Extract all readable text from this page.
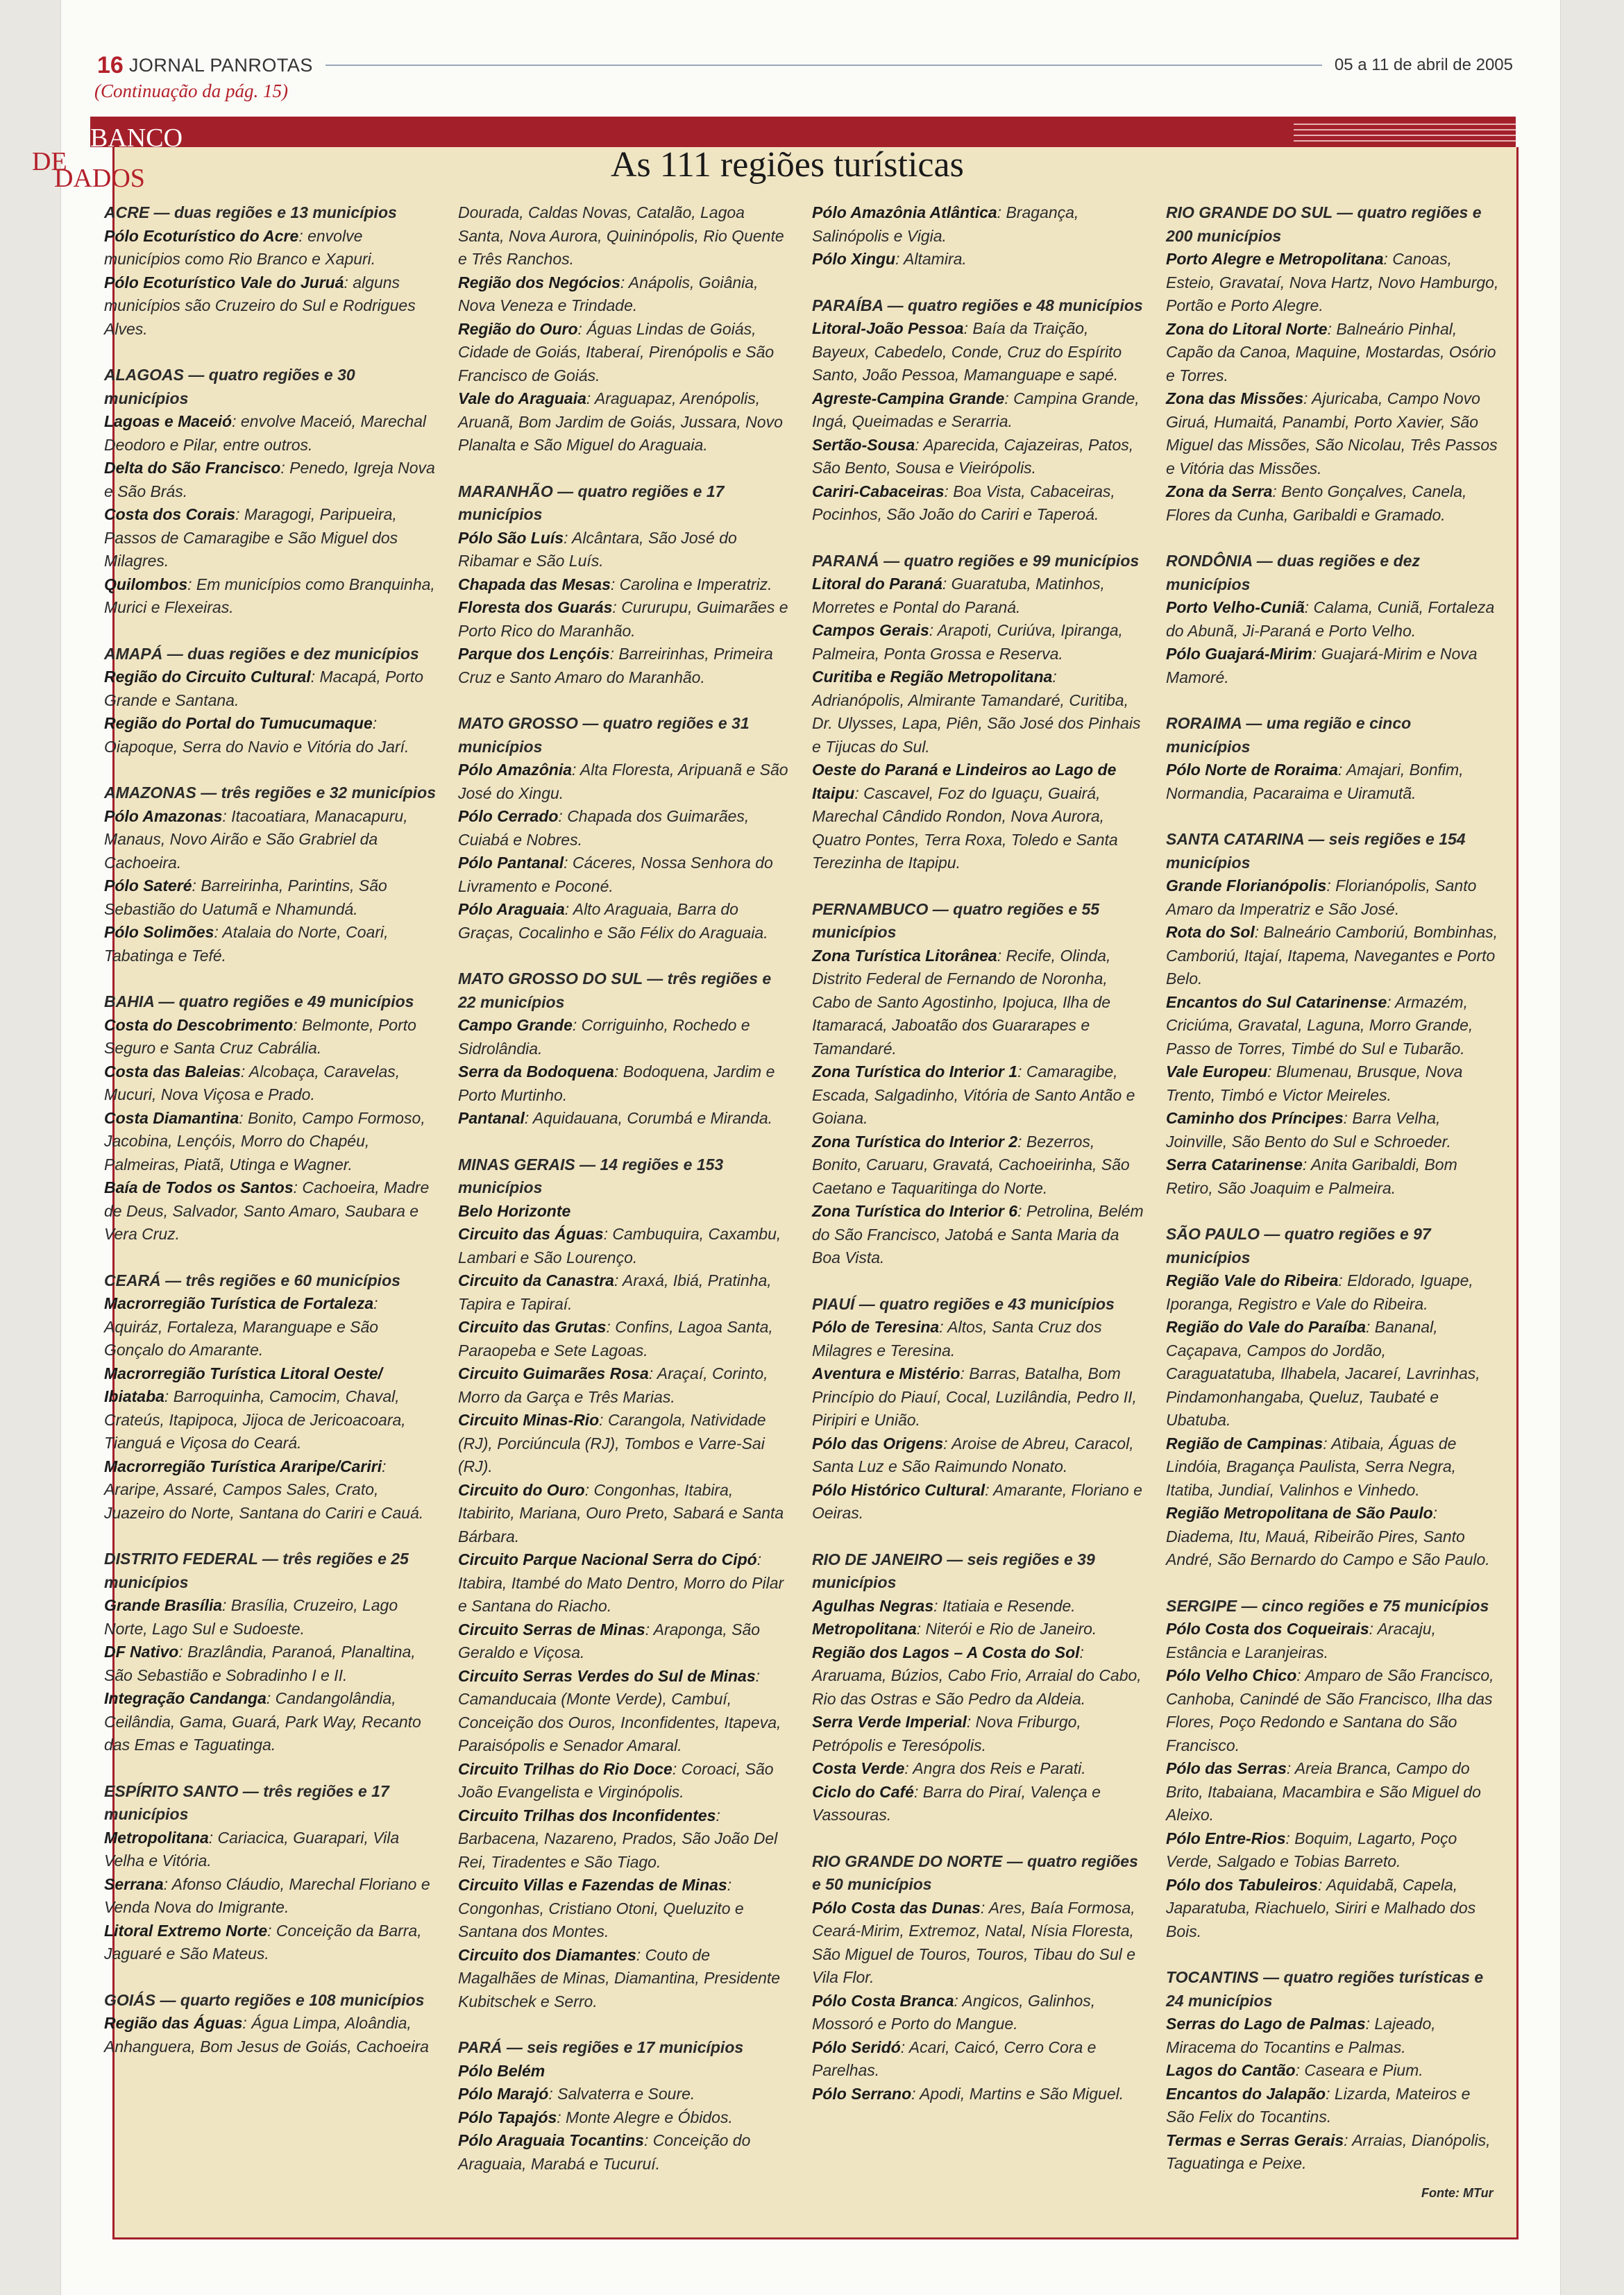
16 JORNAL PANROTAS	05 a 11 de abril de 2005
(Continuação da pág. 15)
BANCO
DE
DADOS	As 111 regiões turísticas
ACRE — duas regiões e 13 municípios
Pólo Ecoturístico do Acre: envolve municípios como Rio Branco e Xapuri.
Pólo Ecoturístico Vale do Juruá: alguns municípios são Cruzeiro do Sul e Rodrigues Alves.
ALAGOAS — quatro regiões e 30 municípios
Lagoas e Maceió: envolve Maceió, Marechal Deodoro e Pilar, entre outros.
Delta do São Francisco: Penedo, Igreja Nova e São Brás.
Costa dos Corais: Maragogi, Paripueira, Passos de Camaragibe e São Miguel dos Milagres.
Quilombos: Em municípios como Branquinha, Murici e Flexeiras.
AMAPÁ — duas regiões e dez municípios
Região do Circuito Cultural: Macapá, Porto Grande e Santana.
Região do Portal do Tumucumaque: Oiapoque, Serra do Navio e Vitória do Jarí.
AMAZONAS — três regiões e 32 municípios
Pólo Amazonas: Itacoatiara, Manacapuru, Manaus, Novo Airão e São Grabriel da Cachoeira.
Pólo Sateré: Barreirinha, Parintins, São Sebastião do Uatumã e Nhamundá.
Pólo Solimões: Atalaia do Norte, Coari, Tabatinga e Tefé.
BAHIA — quatro regiões e 49 municípios
Costa do Descobrimento: Belmonte, Porto Seguro e Santa Cruz Cabrália.
Costa das Baleias: Alcobaça, Caravelas, Mucuri, Nova Viçosa e Prado.
Costa Diamantina: Bonito, Campo Formoso, Jacobina, Lençóis, Morro do Chapéu, Palmeiras, Piatã, Utinga e Wagner.
Baía de Todos os Santos: Cachoeira, Madre de Deus, Salvador, Santo Amaro, Saubara e Vera Cruz.
CEARÁ — três regiões e 60 municípios
Macrorregião Turística de Fortaleza: Aquiráz, Fortaleza, Maranguape e São Gonçalo do Amarante.
Macrorregião Turística Litoral Oeste/ Ibiataba: Barroquinha, Camocim, Chaval, Crateús, Itapipoca, Jijoca de Jericoacoara, Tianguá e Viçosa do Ceará.
Macrorregião Turística Araripe/Cariri: Araripe, Assaré, Campos Sales, Crato, Juazeiro do Norte, Santana do Cariri e Cauá.
DISTRITO FEDERAL — três regiões e 25 municípios
Grande Brasília: Brasília, Cruzeiro, Lago Norte, Lago Sul e Sudoeste.
DF Nativo: Brazlândia, Paranoá, Planaltina, São Sebastião e Sobradinho I e II.
Integração Candanga: Candangolândia, Ceilândia, Gama, Guará, Park Way, Recanto das Emas e Taguatinga.
ESPÍRITO SANTO — três regiões e 17 municípios
Metropolitana: Cariacica, Guarapari, Vila Velha e Vitória.
Serrana: Afonso Cláudio, Marechal Floriano e Venda Nova do Imigrante.
Litoral Extremo Norte: Conceição da Barra, Jaguaré e São Mateus.
GOIÁS — quarto regiões e 108 municípios
Região das Águas: Água Limpa, Aloândia, Anhanguera, Bom Jesus de Goiás, Cachoeira
Dourada, Caldas Novas, Catalão, Lagoa Santa, Nova Aurora, Quininópolis, Rio Quente e Três Ranchos.
Região dos Negócios: Anápolis, Goiânia, Nova Veneza e Trindade.
Região do Ouro: Águas Lindas de Goiás, Cidade de Goiás, Itaberaí, Pirenópolis e São Francisco de Goiás.
Vale do Araguaia: Araguapaz, Arenópolis, Aruanã, Bom Jardim de Goiás, Jussara, Novo Planalta e São Miguel do Araguaia.
MARANHÃO — quatro regiões e 17 municípios
Pólo São Luís: Alcântara, São José do Ribamar e São Luís.
Chapada das Mesas: Carolina e Imperatriz.
Floresta dos Guarás: Cururupu, Guimarães e Porto Rico do Maranhão.
Parque dos Lençóis: Barreirinhas, Primeira Cruz e Santo Amaro do Maranhão.
MATO GROSSO — quatro regiões e 31 municípios
Pólo Amazônia: Alta Floresta, Aripuanã e São José do Xingu.
Pólo Cerrado: Chapada dos Guimarães, Cuiabá e Nobres.
Pólo Pantanal: Cáceres, Nossa Senhora do Livramento e Poconé.
Pólo Araguaia: Alto Araguaia, Barra do Graças, Cocalinho e São Félix do Araguaia.
MATO GROSSO DO SUL — três regiões e 22 municípios
Campo Grande: Corriguinho, Rochedo e Sidrolândia.
Serra da Bodoquena: Bodoquena, Jardim e Porto Murtinho.
Pantanal: Aquidauana, Corumbá e Miranda.
MINAS GERAIS — 14 regiões e 153 municípios
Belo Horizonte
Circuito das Águas: Cambuquira, Caxambu, Lambari e São Lourenço.
Circuito da Canastra: Araxá, Ibiá, Pratinha, Tapira e Tapiraí.
Circuito das Grutas: Confins, Lagoa Santa, Paraopeba e Sete Lagoas.
Circuito Guimarães Rosa: Araçaí, Corinto, Morro da Garça e Três Marias.
Circuito Minas-Rio: Carangola, Natividade (RJ), Porciúncula (RJ), Tombos e Varre-Sai (RJ).
Circuito do Ouro: Congonhas, Itabira, Itabirito, Mariana, Ouro Preto, Sabará e Santa Bárbara.
Circuito Parque Nacional Serra do Cipó: Itabira, Itambé do Mato Dentro, Morro do Pilar e Santana do Riacho.
Circuito Serras de Minas: Araponga, São Geraldo e Viçosa.
Circuito Serras Verdes do Sul de Minas: Camanducaia (Monte Verde), Cambuí, Conceição dos Ouros, Inconfidentes, Itapeva, Paraisópolis e Senador Amaral.
Circuito Trilhas do Rio Doce: Coroaci, São João Evangelista e Virginópolis.
Circuito Trilhas dos Inconfidentes: Barbacena, Nazareno, Prados, São João Del Rei, Tiradentes e São Tiago.
Circuito Villas e Fazendas de Minas: Congonhas, Cristiano Otoni, Queluzito e Santana dos Montes.
Circuito dos Diamantes: Couto de Magalhães de Minas, Diamantina, Presidente Kubitschek e Serro.
PARÁ — seis regiões e 17 municípios
Pólo Belém
Pólo Marajó: Salvaterra e Soure.
Pólo Tapajós: Monte Alegre e Óbidos.
Pólo Araguaia Tocantins: Conceição do Araguaia, Marabá e Tucuruí.
Pólo Amazônia Atlântica: Bragança, Salinópolis e Vigia.
Pólo Xingu: Altamira.
PARAÍBA — quatro regiões e 48 municípios
Litoral-João Pessoa: Baía da Traição, Bayeux, Cabedelo, Conde, Cruz do Espírito Santo, João Pessoa, Mamanguape e sapé.
Agreste-Campina Grande: Campina Grande, Ingá, Queimadas e Serarria.
Sertão-Sousa: Aparecida, Cajazeiras, Patos, São Bento, Sousa e Vieirópolis.
Cariri-Cabaceiras: Boa Vista, Cabaceiras, Pocinhos, São João do Cariri e Taperoá.
PARANÁ — quatro regiões e 99 municípios
Litoral do Paraná: Guaratuba, Matinhos, Morretes e Pontal do Paraná.
Campos Gerais: Arapoti, Curiúva, Ipiranga, Palmeira, Ponta Grossa e Reserva.
Curitiba e Região Metropolitana: Adrianópolis, Almirante Tamandaré, Curitiba, Dr. Ulysses, Lapa, Piên, São José dos Pinhais e Tijucas do Sul.
Oeste do Paraná e Lindeiros ao Lago de Itaipu: Cascavel, Foz do Iguaçu, Guairá, Marechal Cândido Rondon, Nova Aurora, Quatro Pontes, Terra Roxa, Toledo e Santa Terezinha de Itapipu.
PERNAMBUCO — quatro regiões e 55 municípios
Zona Turística Litorânea: Recife, Olinda, Distrito Federal de Fernando de Noronha, Cabo de Santo Agostinho, Ipojuca, Ilha de Itamaracá, Jaboatão dos Guararapes e Tamandaré.
Zona Turística do Interior 1: Camaragibe, Escada, Salgadinho, Vitória de Santo Antão e Goiana.
Zona Turística do Interior 2: Bezerros, Bonito, Caruaru, Gravatá, Cachoeirinha, São Caetano e Taquaritinga do Norte.
Zona Turística do Interior 6: Petrolina, Belém do São Francisco, Jatobá e Santa Maria da Boa Vista.
PIAUÍ — quatro regiões e 43 municípios
Pólo de Teresina: Altos, Santa Cruz dos Milagres e Teresina.
Aventura e Mistério: Barras, Batalha, Bom Princípio do Piauí, Cocal, Luzilândia, Pedro II, Piripiri e União.
Pólo das Origens: Aroise de Abreu, Caracol, Santa Luz e São Raimundo Nonato.
Pólo Histórico Cultural: Amarante, Floriano e Oeiras.
RIO DE JANEIRO — seis regiões e 39 municípios
Agulhas Negras: Itatiaia e Resende.
Metropolitana: Niterói e Rio de Janeiro.
Região dos Lagos – A Costa do Sol: Araruama, Búzios, Cabo Frio, Arraial do Cabo, Rio das Ostras e São Pedro da Aldeia.
Serra Verde Imperial: Nova Friburgo, Petrópolis e Teresópolis.
Costa Verde: Angra dos Reis e Parati.
Ciclo do Café: Barra do Piraí, Valença e Vassouras.
RIO GRANDE DO NORTE — quatro regiões e 50 municípios
Pólo Costa das Dunas: Ares, Baía Formosa, Ceará-Mirim, Extremoz, Natal, Nísia Floresta, São Miguel de Touros, Touros, Tibau do Sul e Vila Flor.
Pólo Costa Branca: Angicos, Galinhos, Mossoró e Porto do Mangue.
Pólo Seridó: Acari, Caicó, Cerro Cora e Parelhas.
Pólo Serrano: Apodi, Martins e São Miguel.
RIO GRANDE DO SUL — quatro regiões e 200 municípios
Porto Alegre e Metropolitana: Canoas, Esteio, Gravataí, Nova Hartz, Novo Hamburgo, Portão e Porto Alegre.
Zona do Litoral Norte: Balneário Pinhal, Capão da Canoa, Maquine, Mostardas, Osório e Torres.
Zona das Missões: Ajuricaba, Campo Novo Giruá, Humaitá, Panambi, Porto Xavier, São Miguel das Missões, São Nicolau, Três Passos e Vitória das Missões.
Zona da Serra: Bento Gonçalves, Canela, Flores da Cunha, Garibaldi e Gramado.
RONDÔNIA — duas regiões e dez municípios
Porto Velho-Cuniã: Calama, Cuniã, Fortaleza do Abunã, Ji-Paraná e Porto Velho.
Pólo Guajará-Mirim: Guajará-Mirim e Nova Mamoré.
RORAIMA — uma região e cinco municípios
Pólo Norte de Roraima: Amajari, Bonfim, Normandia, Pacaraima e Uiramutã.
SANTA CATARINA — seis regiões e 154 municípios
Grande Florianópolis: Florianópolis, Santo Amaro da Imperatriz e São José.
Rota do Sol: Balneário Camboriú, Bombinhas, Camboriú, Itajaí, Itapema, Navegantes e Porto Belo.
Encantos do Sul Catarinense: Armazém, Criciúma, Gravatal, Laguna, Morro Grande, Passo de Torres, Timbé do Sul e Tubarão.
Vale Europeu: Blumenau, Brusque, Nova Trento, Timbó e Victor Meireles.
Caminho dos Príncipes: Barra Velha, Joinville, São Bento do Sul e Schroeder.
Serra Catarinense: Anita Garibaldi, Bom Retiro, São Joaquim e Palmeira.
SÃO PAULO — quatro regiões e 97 municípios
Região Vale do Ribeira: Eldorado, Iguape, Iporanga, Registro e Vale do Ribeira.
Região do Vale do Paraíba: Bananal, Caçapava, Campos do Jordão, Caraguatatuba, Ilhabela, Jacareí, Lavrinhas, Pindamonhangaba, Queluz, Taubaté e Ubatuba.
Região de Campinas: Atibaia, Águas de Lindóia, Bragança Paulista, Serra Negra, Itatiba, Jundiaí, Valinhos e Vinhedo.
Região Metropolitana de São Paulo: Diadema, Itu, Mauá, Ribeirão Pires, Santo André, São Bernardo do Campo e São Paulo.
SERGIPE — cinco regiões e 75 municípios
Pólo Costa dos Coqueirais: Aracaju, Estância e Laranjeiras.
Pólo Velho Chico: Amparo de São Francisco, Canhoba, Canindé de São Francisco, Ilha das Flores, Poço Redondo e Santana do São Francisco.
Pólo das Serras: Areia Branca, Campo do Brito, Itabaiana, Macambira e São Miguel do Aleixo.
Pólo Entre-Rios: Boquim, Lagarto, Poço Verde, Salgado e Tobias Barreto.
Pólo dos Tabuleiros: Aquidabã, Capela, Japaratuba, Riachuelo, Siriri e Malhado dos Bois.
TOCANTINS — quatro regiões turísticas e 24 municípios
Serras do Lago de Palmas: Lajeado, Miracema do Tocantins e Palmas.
Lagos do Cantão: Caseara e Pium.
Encantos do Jalapão: Lizarda, Mateiros e São Felix do Tocantins.
Termas e Serras Gerais: Arraias, Dianópolis, Taguatinga e Peixe.
Fonte: MTur
